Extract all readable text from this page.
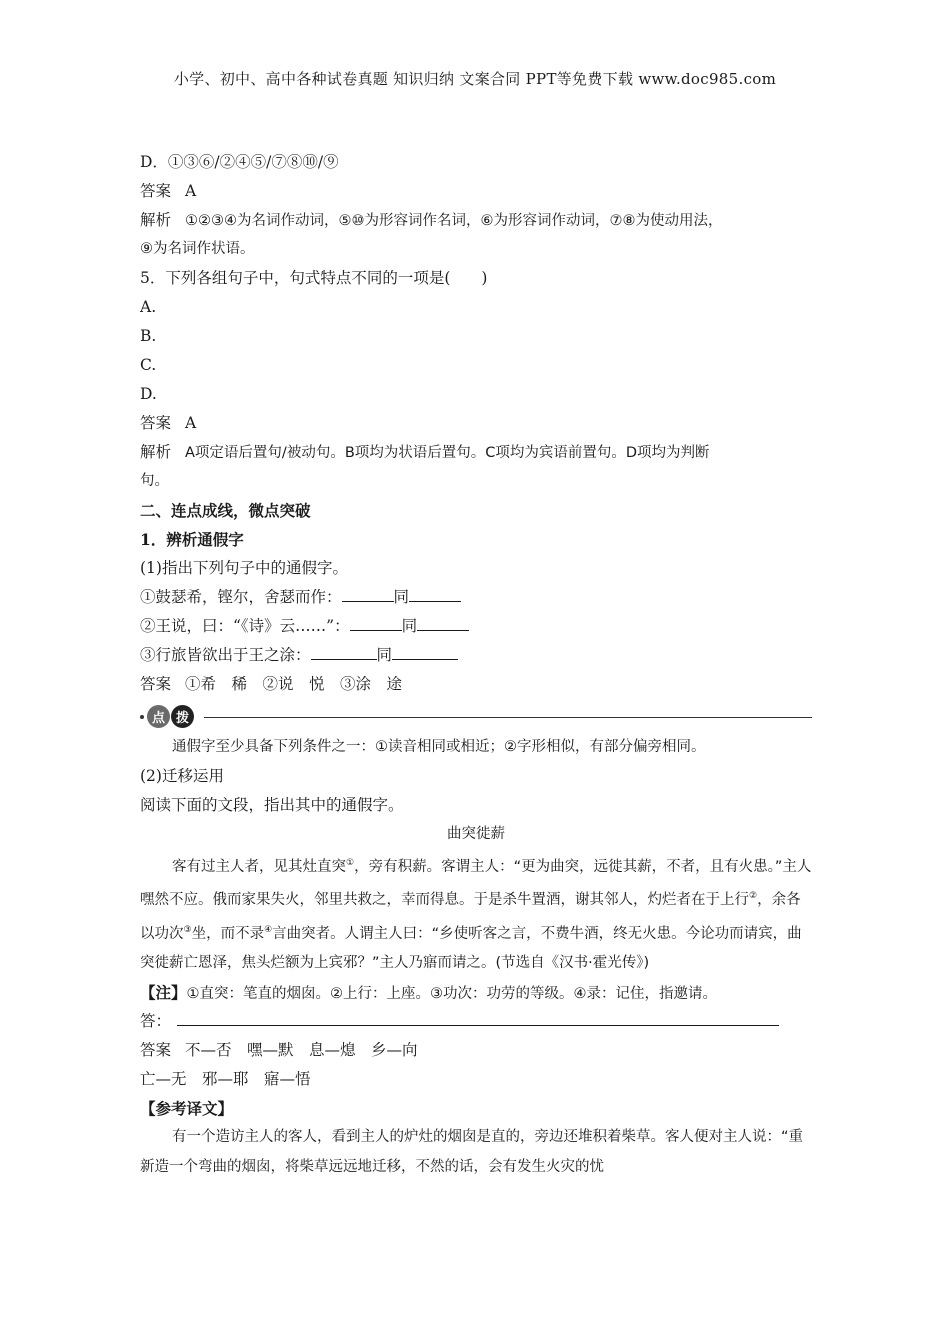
小学、初中、高中各种试卷真题 知识归纳 文案合同 PPT等免费下载 www.doc985.com
D．①③⑥/②④⑤/⑦⑧⑩/⑨
答案 A
解析 ①②③④为名词作动词，⑤⑩为形容词作名词，⑥为形容词作动词，⑦⑧为使动用法，
⑨为名词作状语。
5．下列各组句子中，句式特点不同的一项是(　　)
A.
B.
C.
D.
答案 A
解析 A项定语后置句/被动句。B项均为状语后置句。C项均为宾语前置句。D项均为判断
句。
二、连点成线，微点突破
1．辨析通假字
(1)指出下列句子中的通假字。
①鼓瑟希，铿尔，舍瑟而作：	同
②王说，曰：“《诗》云……”：	同
③行旅皆欲出于王之涂：	同
答案 ①希　稀　②说　悦　③涂　途
点 拨
通假字至少具备下列条件之一：①读音相同或相近；②字形相似，有部分偏旁相同。
(2)迁移运用
阅读下面的文段，指出其中的通假字。
曲突徙薪
客有过主人者，见其灶直突①，旁有积薪。客谓主人：“更为曲突，远徙其薪，不者，且有火患。”主人嘿然不应。俄而家果失火，邻里共救之，幸而得息。于是杀牛置酒，谢其邻人，灼烂者在于上行②，余各以功次③坐，而不录④言曲突者。人谓主人曰：“乡使听客之言，不费牛酒，终无火患。今论功而请宾，曲突徙薪亡恩泽，焦头烂额为上宾邪？”主人乃寤而请之。(节选自《汉书·霍光传》)
【注】①直突：笔直的烟囱。②上行：上座。③功次：功劳的等级。④录：记住，指邀请。
答：
答案 不—否　嘿—默　息—熄　乡—向
亡—无　邪—耶　寤—悟
【参考译文】
有一个造访主人的客人，看到主人的炉灶的烟囱是直的，旁边还堆积着柴草。客人便对主人说：“重新造一个弯曲的烟囱，将柴草远远地迁移，不然的话，会有发生火灾的忧
